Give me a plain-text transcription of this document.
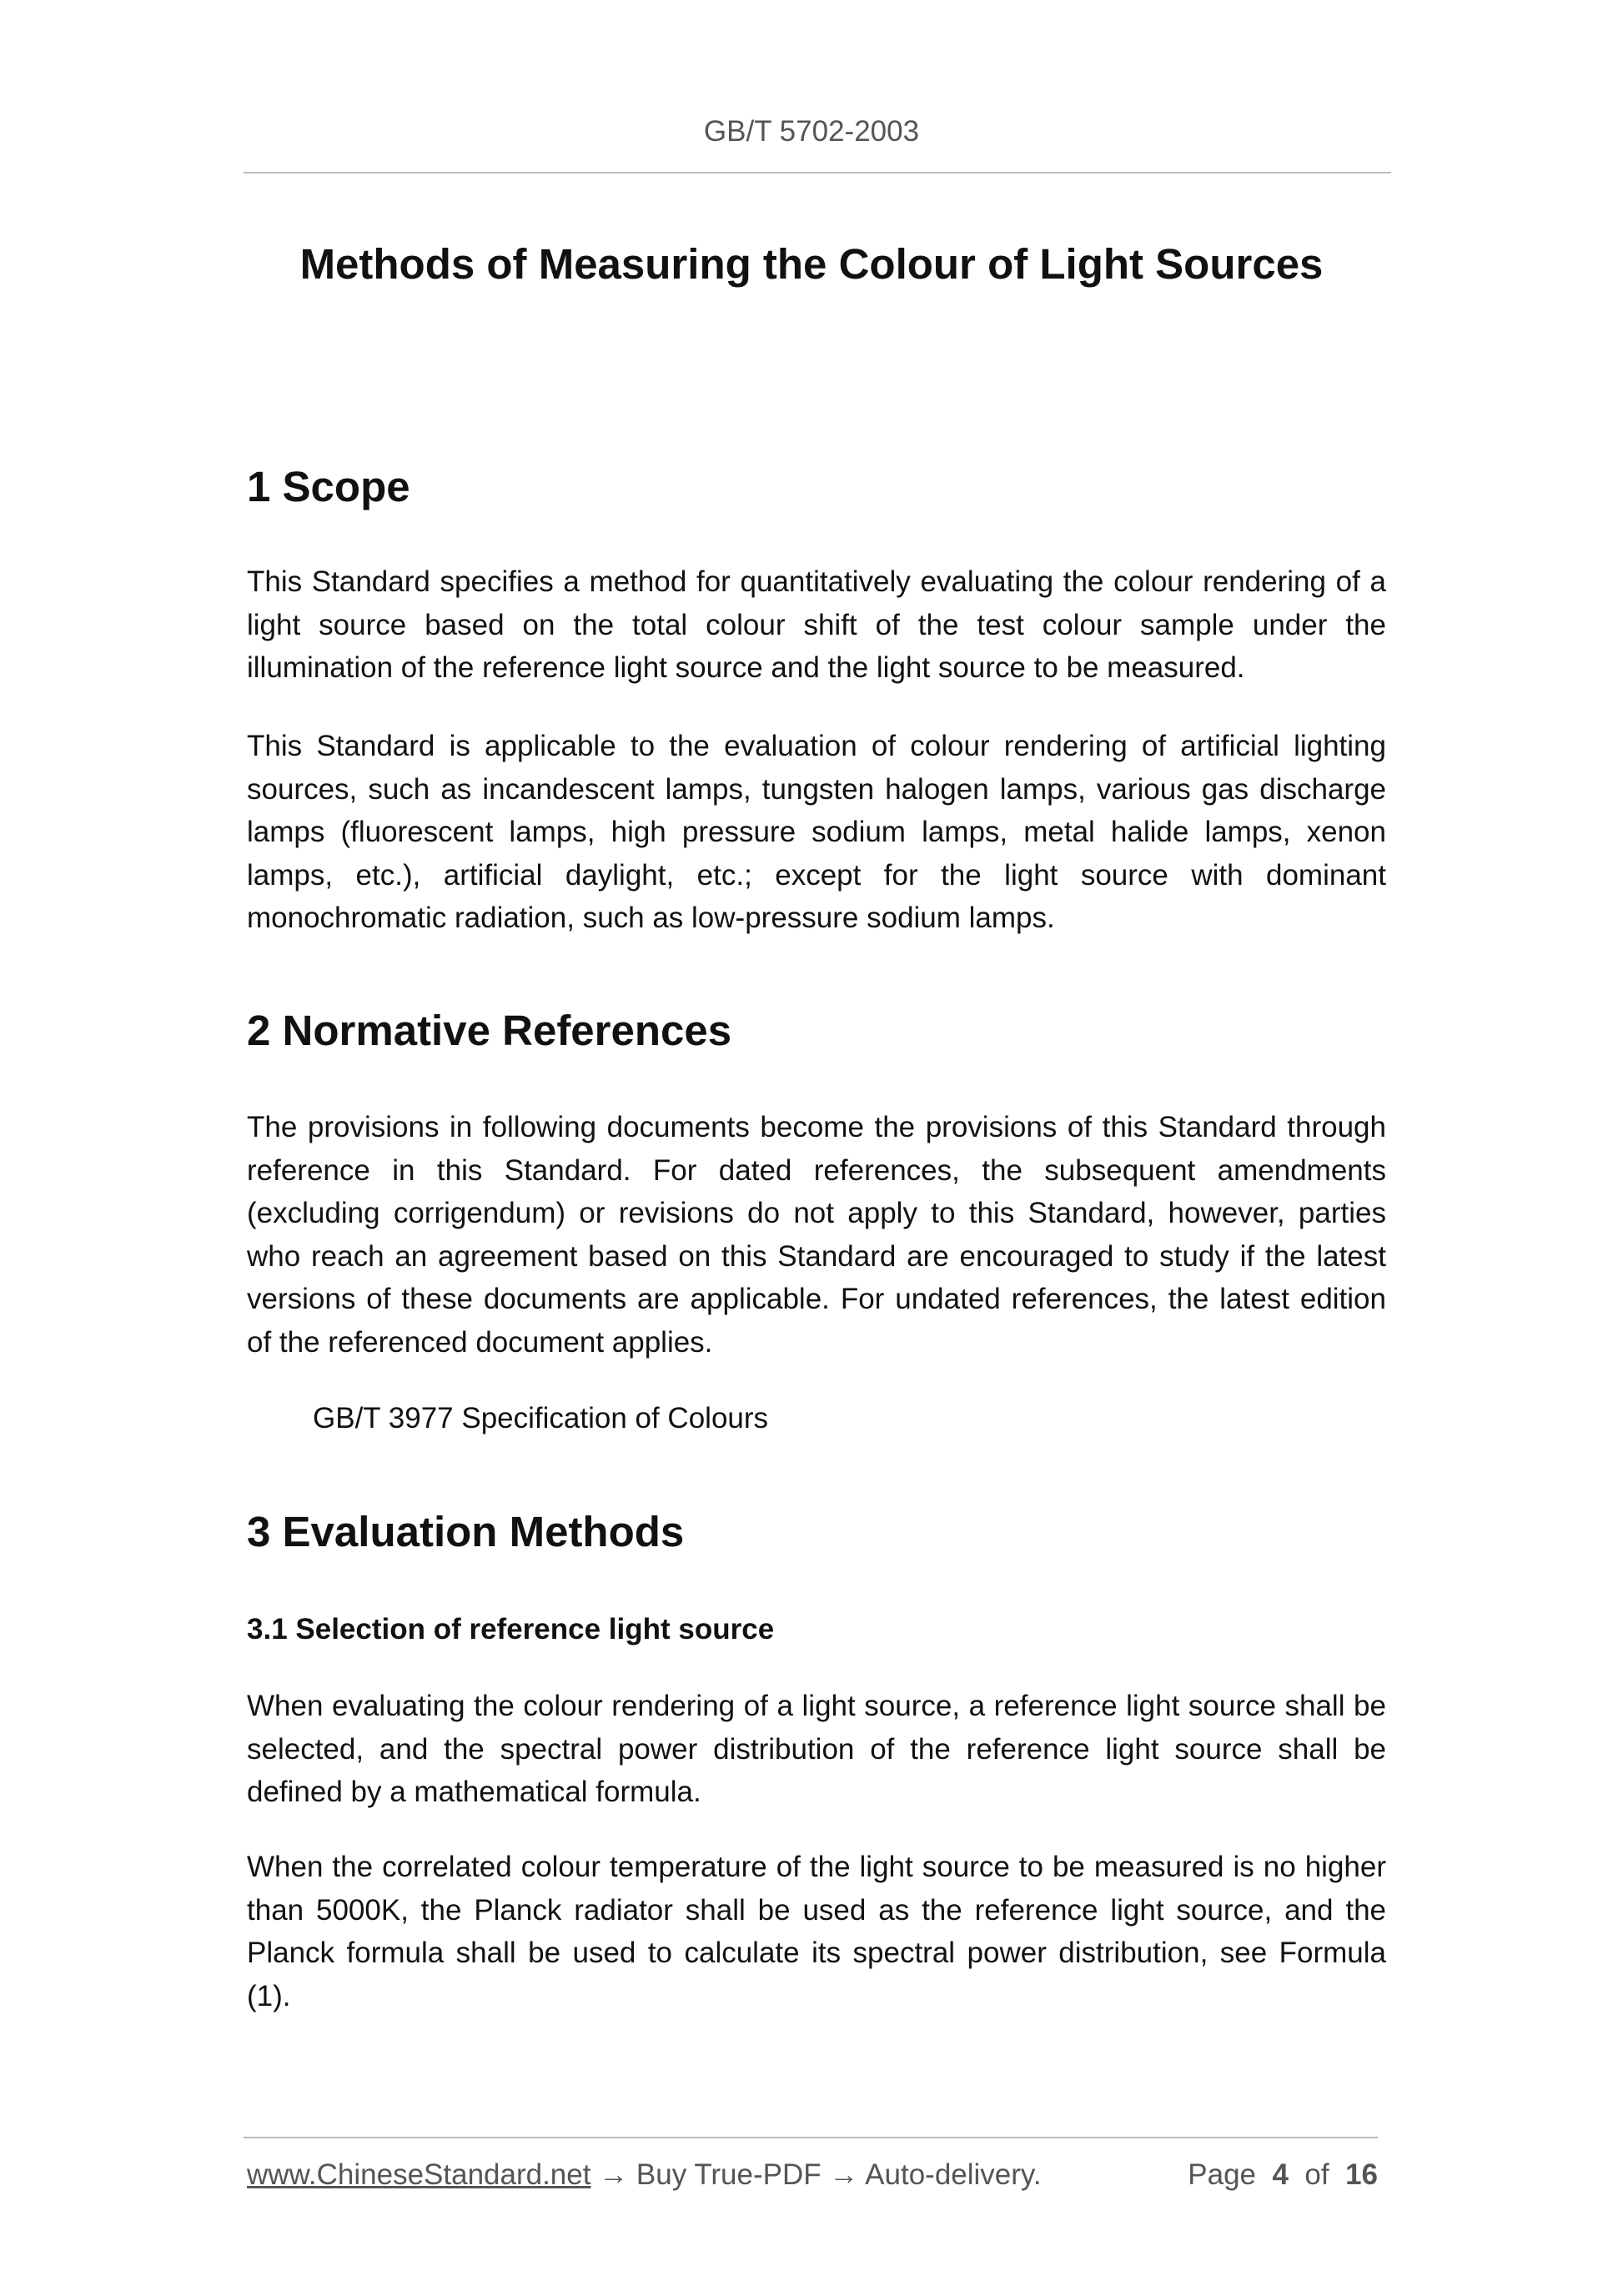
GB/T 5702-2003
Methods of Measuring the Colour of Light Sources
1 Scope

This Standard specifies a method for quantitatively evaluating the colour rendering of a light source based on the total colour shift of the test colour sample under the illumination of the reference light source and the light source to be measured.

This Standard is applicable to the evaluation of colour rendering of artificial lighting sources, such as incandescent lamps, tungsten halogen lamps, various gas discharge lamps (fluorescent lamps, high pressure sodium lamps, metal halide lamps, xenon lamps, etc.), artificial daylight, etc.; except for the light source with dominant monochromatic radiation, such as low-pressure sodium lamps.

2 Normative References

The provisions in following documents become the provisions of this Standard through reference in this Standard. For dated references, the subsequent amendments (excluding corrigendum) or revisions do not apply to this Standard, however, parties who reach an agreement based on this Standard are encouraged to study if the latest versions of these documents are applicable. For undated references, the latest edition of the referenced document applies.

GB/T 3977 Specification of Colours

3 Evaluation Methods
3.1 Selection of reference light source

When evaluating the colour rendering of a light source, a reference light source shall be selected, and the spectral power distribution of the reference light source shall be defined by a mathematical formula.

When the correlated colour temperature of the light source to be measured is no higher than 5000K, the Planck radiator shall be used as the reference light source, and the Planck formula shall be used to calculate its spectral power distribution, see Formula (1).

www.ChineseStandard.net → Buy True-PDF → Auto-delivery.	Page 4 of 16
